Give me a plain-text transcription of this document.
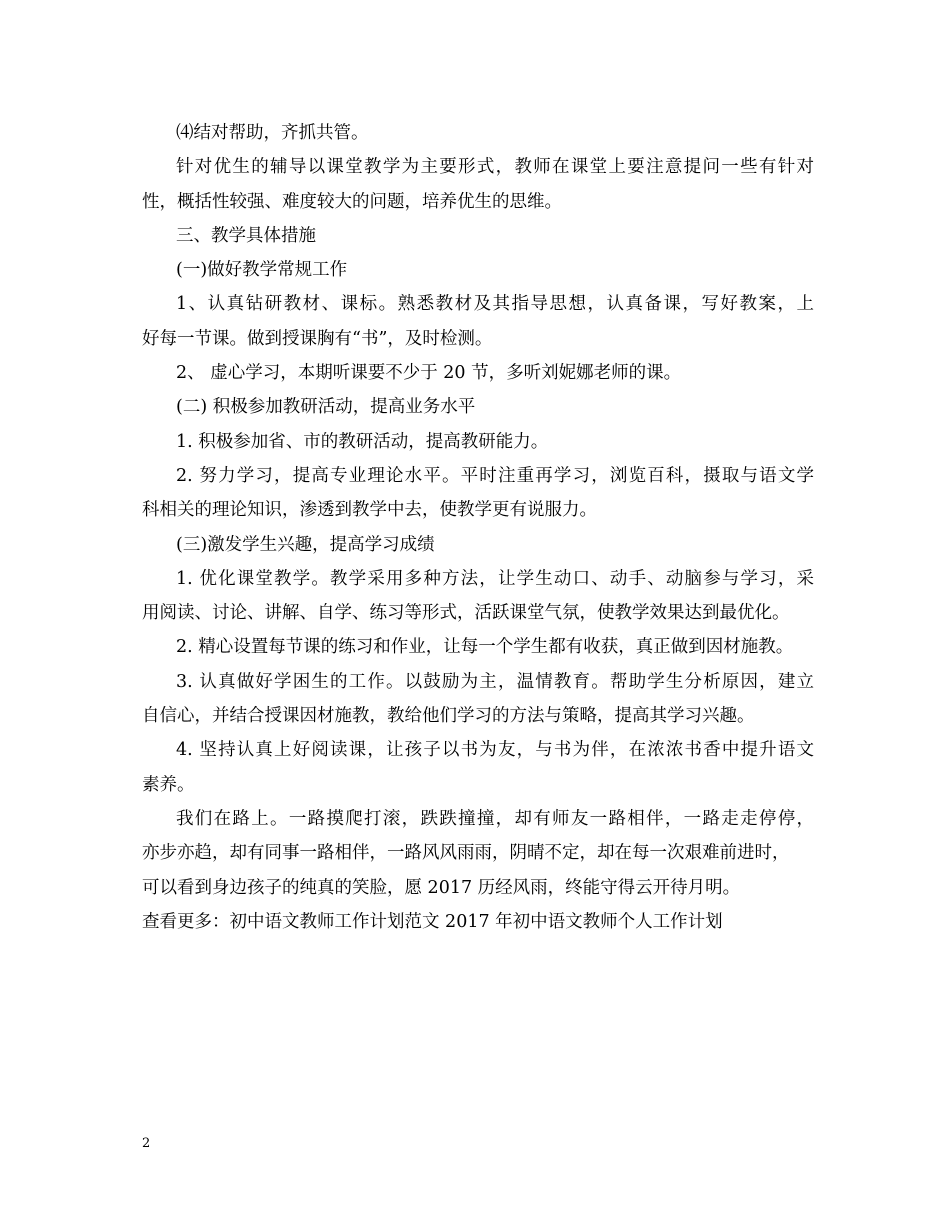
⑷结对帮助，齐抓共管。
针对优生的辅导以课堂教学为主要形式，教师在课堂上要注意提问一些有针对
性，概括性较强、难度较大的问题，培养优生的思维。
三、教学具体措施
(一)做好教学常规工作
1、认真钻研教材、课标。熟悉教材及其指导思想，认真备课，写好教案，上
好每一节课。做到授课胸有“书”，及时检测。
2、 虚心学习，本期听课要不少于 20 节，多听刘妮娜老师的课。
(二) 积极参加教研活动，提高业务水平
1. 积极参加省、市的教研活动，提高教研能力。
2. 努力学习，提高专业理论水平。平时注重再学习，浏览百科，摄取与语文学
科相关的理论知识，渗透到教学中去，使教学更有说服力。
(三)激发学生兴趣，提高学习成绩
1. 优化课堂教学。教学采用多种方法，让学生动口、动手、动脑参与学习，采
用阅读、讨论、讲解、自学、练习等形式，活跃课堂气氛，使教学效果达到最优化。
2. 精心设置每节课的练习和作业，让每一个学生都有收获，真正做到因材施教。
3. 认真做好学困生的工作。以鼓励为主，温情教育。帮助学生分析原因，建立
自信心，并结合授课因材施教，教给他们学习的方法与策略，提高其学习兴趣。
4. 坚持认真上好阅读课，让孩子以书为友，与书为伴，在浓浓书香中提升语文
素养。
我们在路上。一路摸爬打滚，跌跌撞撞，却有师友一路相伴，一路走走停停，
亦步亦趋，却有同事一路相伴，一路风风雨雨，阴晴不定，却在每一次艰难前进时，
可以看到身边孩子的纯真的笑脸，愿 2017 历经风雨，终能守得云开待月明。
查看更多：初中语文教师工作计划范文 2017 年初中语文教师个人工作计划
2
